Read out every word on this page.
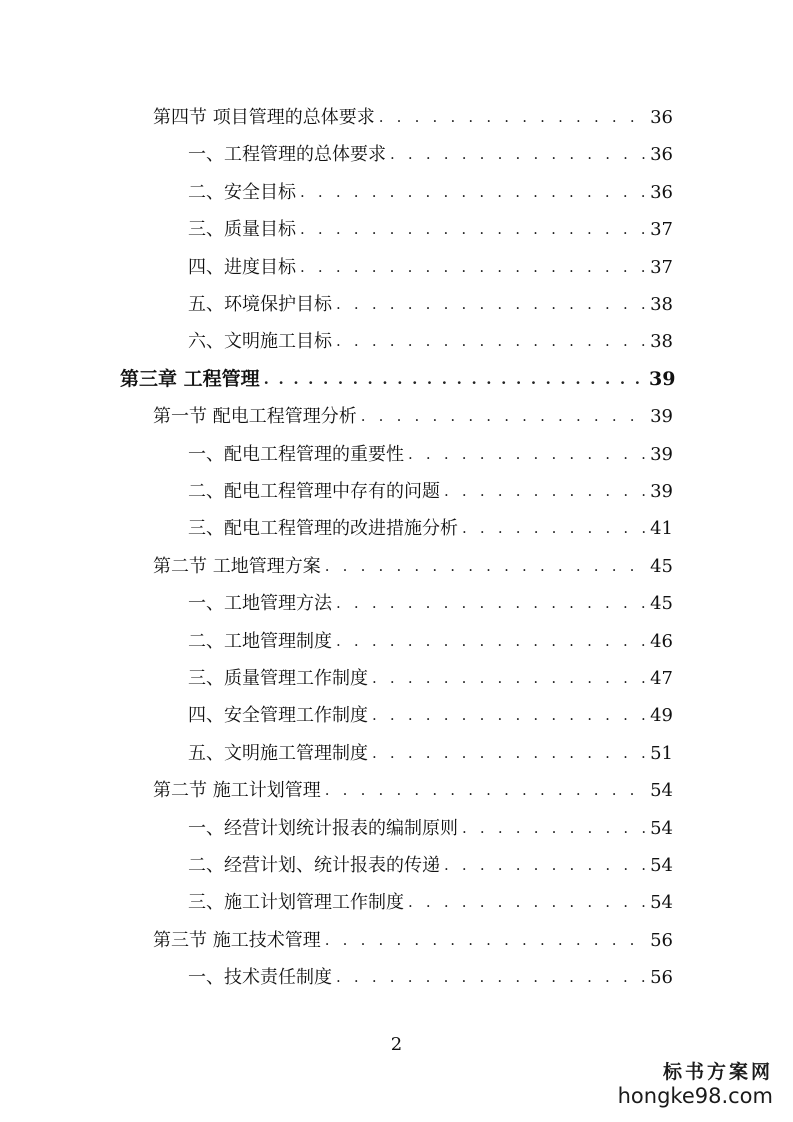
第四节 项目管理的总体要求 . . .	36
一、工程管理的总体要求 . . .	36
二、安全目标 . . .	36
三、质量目标 . . .	37
四、进度目标 . . .	37
五、环境保护目标 . . .	38
六、文明施工目标 . . .	38
第三章 工程管理 . . .	39
第一节 配电工程管理分析 . . .	39
一、配电工程管理的重要性 . . .	39
二、配电工程管理中存有的问题 . . .	39
三、配电工程管理的改进措施分析 . . .	41
第二节 工地管理方案 . . .	45
一、工地管理方法 . . .	45
二、工地管理制度 . . .	46
三、质量管理工作制度 . . .	47
四、安全管理工作制度 . . .	49
五、文明施工管理制度 . . .	51
第二节 施工计划管理 . . .	54
一、经营计划统计报表的编制原则 . . .	54
二、经营计划、统计报表的传递 . . .	54
三、施工计划管理工作制度 . . .	54
第三节 施工技术管理 . . .	56
一、技术责任制度 . . .	56
2
标书方案网
hongke98.com
